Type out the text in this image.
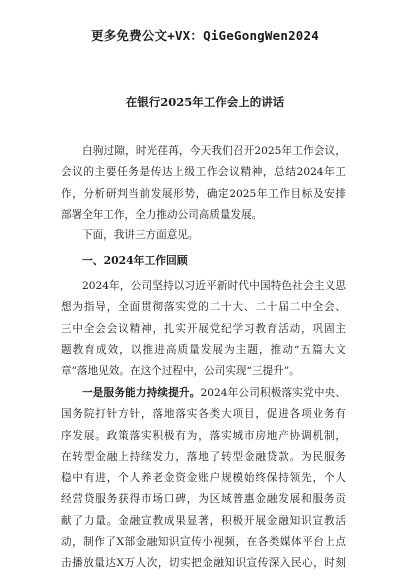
更多免费公文+VX：QiGeGongWen2024
在银行2025年工作会上的讲话
白驹过隙，时光荏苒，今天我们召开2025年工作会议，
会议的主要任务是传达上级工作会议精神，总结2024年工
作，分析研判当前发展形势，确定2025年工作目标及安排
部署全年工作，全力推动公司高质量发展。
下面，我讲三方面意见。
一、2024年工作回顾
2024年，公司坚持以习近平新时代中国特色社会主义思
想为指导，全面贯彻落实党的二十大、二十届二中全会、
三中全会会议精神，扎实开展党纪学习教育活动，巩固主
题教育成效，以推进高质量发展为主题，推动“五篇大文
章”落地见效。在这个过程中，公司实现“三提升”。
一是服务能力持续提升。2024年公司积极落实党中央、
国务院打针方针，落地落实各类大项目，促进各项业务有
序发展。政策落实积极有为，落实城市房地产协调机制，
在转型金融上持续发力，落地了转型金融贷款。为民服务
稳中有进，个人养老金资金账户规模始终保持领先，个人
经营贷服务获得市场口碑，为区域普惠金融发展和服务贡
献了力量。金融宣教成果显著，积极开展金融知识宣教活
动，制作了X部金融知识宣传小视频，在各类媒体平台上点
击播放量达X万人次，切实把金融知识宣传深入民心，时刻
